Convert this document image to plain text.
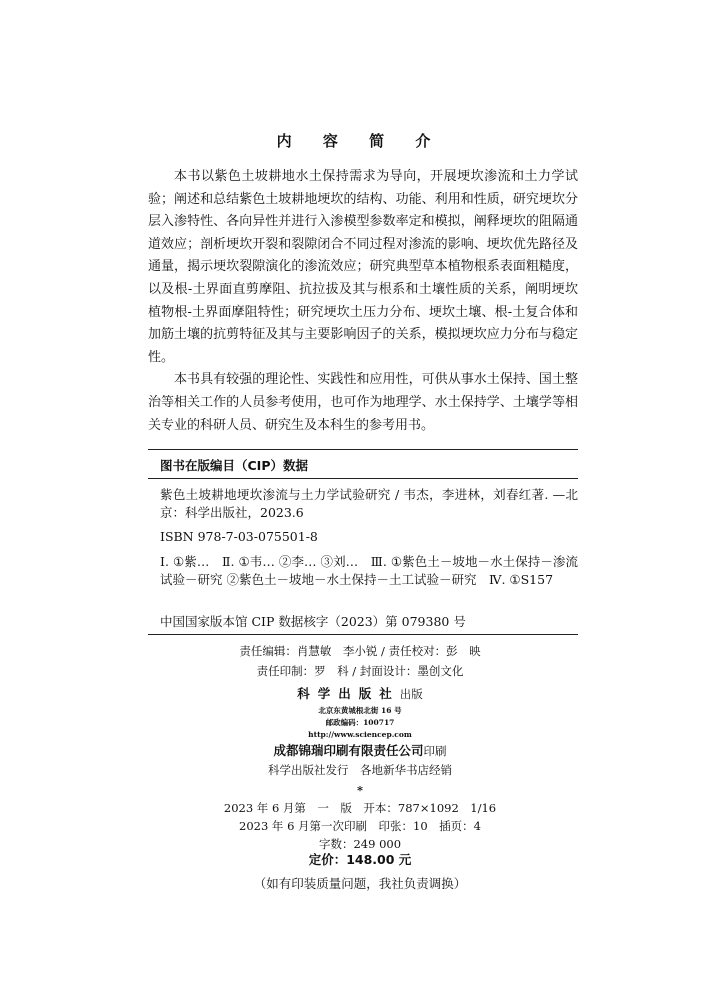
内 容 简 介

本书以紫色土坡耕地水土保持需求为导向，开展埂坎渗流和土力学试验；阐述和总结紫色土坡耕地埂坎的结构、功能、利用和性质，研究埂坎分层入渗特性、各向异性并进行入渗模型参数率定和模拟，阐释埂坎的阻隔通道效应；剖析埂坎开裂和裂隙闭合不同过程对渗流的影响、埂坎优先路径及通量，揭示埂坎裂隙演化的渗流效应；研究典型草本植物根系表面粗糙度，以及根-土界面直剪摩阻、抗拉拔及其与根系和土壤性质的关系，阐明埂坎植物根-土界面摩阻特性；研究埂坎土压力分布、埂坎土壤、根-土复合体和加筋土壤的抗剪特征及其与主要影响因子的关系，模拟埂坎应力分布与稳定性。

本书具有较强的理论性、实践性和应用性，可供从事水土保持、国土整治等相关工作的人员参考使用，也可作为地理学、水土保持学、土壤学等相关专业的科研人员、研究生及本科生的参考用书。

图书在版编目（CIP）数据
紫色土坡耕地埂坎渗流与土力学试验研究 / 韦杰，李进林，刘春红著. —北京：科学出版社，2023.6
ISBN 978-7-03-075501-8
Ⅰ. ①紫…　Ⅱ. ①韦… ②李… ③刘…　Ⅲ. ①紫色土－坡地－水土保持－渗流试验－研究 ②紫色土－坡地－水土保持－土工试验－研究　Ⅳ. ①S157
中国国家版本馆 CIP 数据核字（2023）第 079380 号
责任编辑：肖慧敏　李小锐 / 责任校对：彭　映
责任印制：罗　科 / 封面设计：墨创文化
科学出版社出版
北京东黄城根北街 16 号
邮政编码：100717
http://www.sciencep.com
成都锦瑞印刷有限责任公司印刷
科学出版社发行　各地新华书店经销
*
2023 年 6 月第　一　版　开本：787×1092　1/16
2023 年 6 月第一次印刷　印张：10　插页：4
字数：249 000
定价：148.00 元
（如有印装质量问题，我社负责调换）
